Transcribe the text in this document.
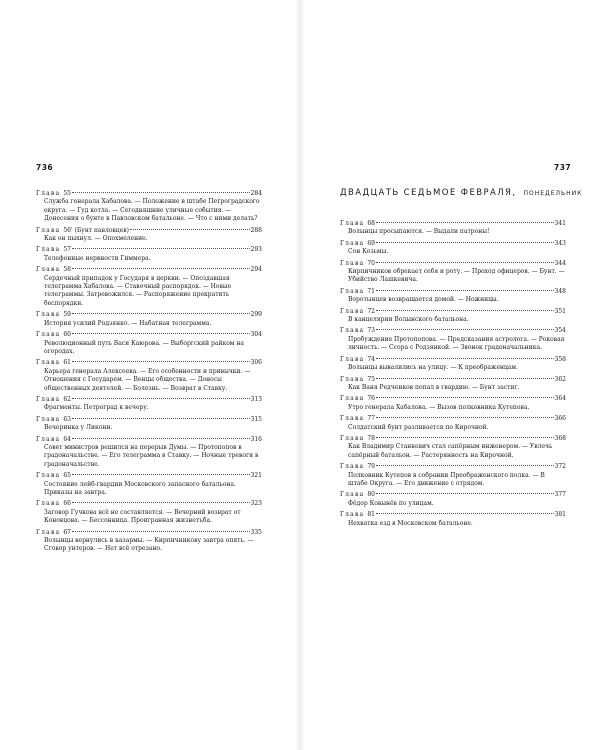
736
Глава 55	284
Служба генерала Хабалова. — Положение в штабе Петроградского округа. — Гуд котла. — Сегодняшние уличные события. — Донесения о бунте в Павловском батальоне. — Что с ними делать?
Глава 56' (Бунт павловцев)	288
Как он пыхнул. — Опохмеление.
Глава 57	293
Телефонные нервности Гиммера.
Глава 58	294
Сердечный припадок у Государя в церкви. — Опоздавшая телеграмма Хабалова. — Ставочный распорядок. — Новые телеграммы. Затревожился. — Распоряжение прекратить беспорядки.
Глава 59	299
История усилий Родзянко. — Набатная телеграмма.
Глава 60	304
Революционный путь Васи Каюрова. — Выборгский райком на огородах.
Глава 61	306
Карьера генерала Алексеева. — Его особенности и привычки. — Отношения с Государем. — Венцы общества. — Доносы общественных деятелей. — Болезнь. — Возврат в Ставку.
Глава 62	313
Фрагменты. Петроград к вечеру.
Глава 63	315
Вечеринка у Ликони.
Глава 64	316
Совет министров решился на перерыв Думы. — Протопопов в градоначальстве. — Его телеграмма в Ставку. — Ночные тревоги в градоначальстве.
Глава 65	321
Состояние лейб-гвардии Московского запасного батальона. Приказы на завтра.
Глава 66	323
Заговор Гучкова всё не составляется. — Вечерний возврат от Коновцова. — Бессонница. Проигранная жизнетъба.
Глава 67	335
Волынцы вернулись в казармы. — Кирпичникову завтра опять. — Сговор унтеров. — Нет всё отрезано.
737
ДВАДЦАТЬ СЕДЬМОЕ ФЕВРАЛЯ, ПОНЕДЕЛЬНИК
Глава 68	341
Волынцы просыпаются. — Выдали патроны!
Глава 69	343
Сон Козьмы.
Глава 70	344
Кирпичников обрекает себя и роту. — Проход офицеров. — Бунт. — Убийство Лашкевича.
Глава 71	348
Воротынцев возвращается домой. — Ножницы.
Глава 72	351
В канцелярии Волынского батальона.
Глава 73	354
Пробуждение Протопопова. — Предсказания астролога. — Роковая личность. — Ссора с Родзянкой. — Звонок градоначальника.
Глава 74	358
Волынцы вывалились на улицу. — К преображенцам.
Глава 75	362
Как Ваня Редченков попал в гвардию. — Бунт застиг.
Глава 76	364
Утро генерала Хабалова. — Вызов полковника Кутепова.
Глава 77	366
Солдатский бунт разливается по Кирочной.
Глава 78	368
Как Владимир Станкевич стал сапёрным инженером. — Увлечь сапёрный батальон. — Растерянность на Кирочной.
Глава 79	372
Полковник Кутепов в собрании Преображенского полка. — В штабе Округа. — Его движение с отрядом.
Глава 80	377
Фёдор Ковынёв по улицам.
Глава 81	381
Нехватка езд в Московском батальоне.
